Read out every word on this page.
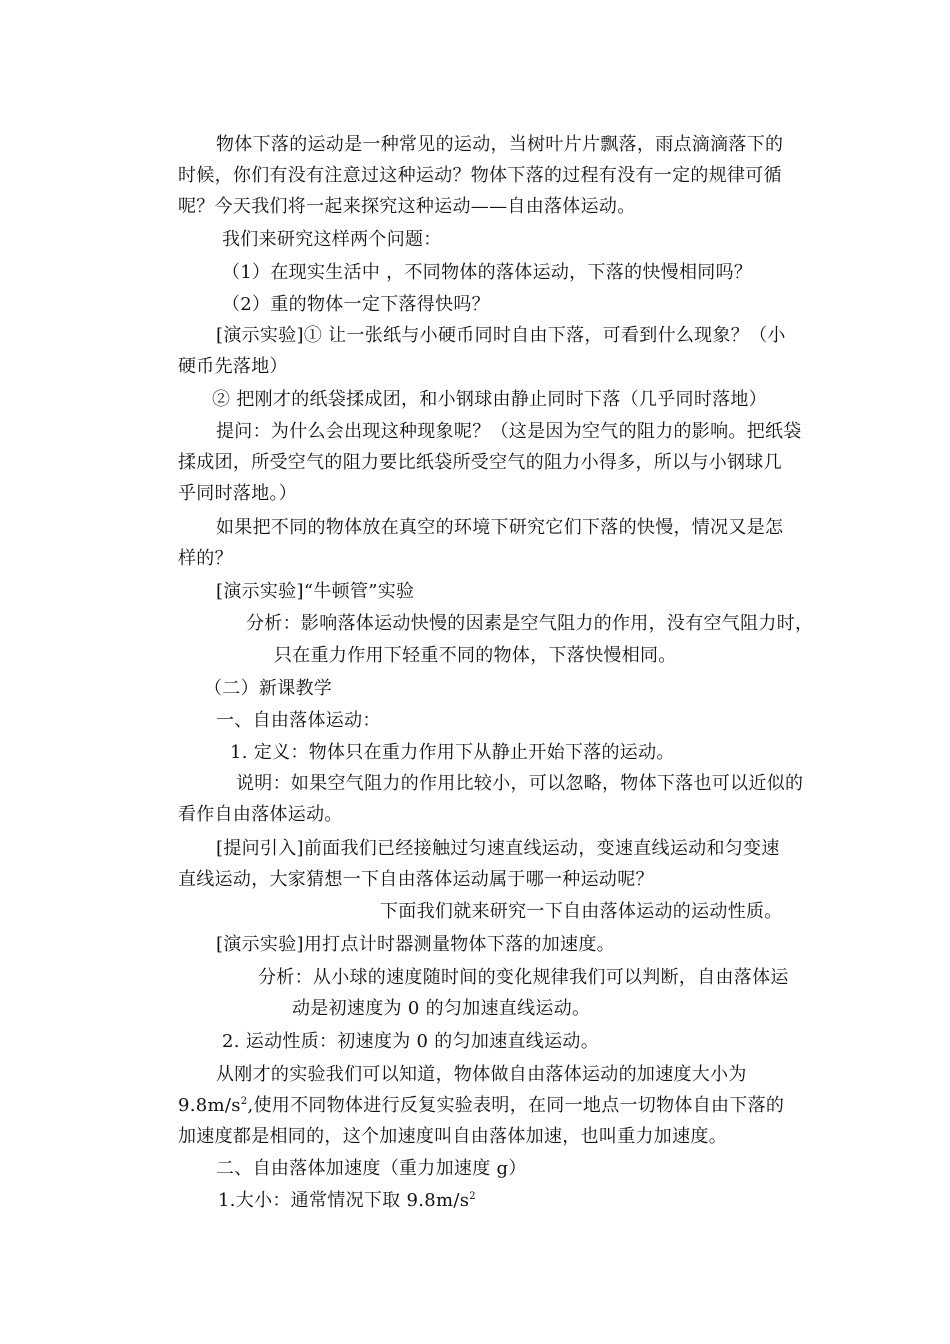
物体下落的运动是一种常见的运动，当树叶片片飘落，雨点滴滴落下的
时候，你们有没有注意过这种运动？物体下落的过程有没有一定的规律可循
呢？今天我们将一起来探究这种运动——自由落体运动。
我们来研究这样两个问题：
（1）在现实生活中 ，不同物体的落体运动，下落的快慢相同吗？
（2）重的物体一定下落得快吗？
[演示实验]① 让一张纸与小硬币同时自由下落，可看到什么现象？（小
硬币先落地）
② 把刚才的纸袋揉成团，和小钢球由静止同时下落（几乎同时落地）
提问：为什么会出现这种现象呢？（这是因为空气的阻力的影响。把纸袋
揉成团，所受空气的阻力要比纸袋所受空气的阻力小得多，所以与小钢球几
乎同时落地。）
如果把不同的物体放在真空的环境下研究它们下落的快慢，情况又是怎
样的？
[演示实验]“牛顿管”实验
分析：影响落体运动快慢的因素是空气阻力的作用，没有空气阻力时，
只在重力作用下轻重不同的物体，下落快慢相同。
（二）新课教学
一、自由落体运动：
1. 定义：物体只在重力作用下从静止开始下落的运动。
说明：如果空气阻力的作用比较小，可以忽略，物体下落也可以近似的
看作自由落体运动。
[提问引入]前面我们已经接触过匀速直线运动，变速直线运动和匀变速
直线运动，大家猜想一下自由落体运动属于哪一种运动呢？
下面我们就来研究一下自由落体运动的运动性质。
[演示实验]用打点计时器测量物体下落的加速度。
分析：从小球的速度随时间的变化规律我们可以判断，自由落体运
动是初速度为 0 的匀加速直线运动。
2. 运动性质：初速度为 0 的匀加速直线运动。
从刚才的实验我们可以知道，物体做自由落体运动的加速度大小为
$9.8m/s^2$,使用不同物体进行反复实验表明，在同一地点一切物体自由下落的
加速度都是相同的，这个加速度叫自由落体加速，也叫重力加速度。
二、自由落体加速度（重力加速度 g）
1.大小：通常情况下取 $9.8m/s^2$
